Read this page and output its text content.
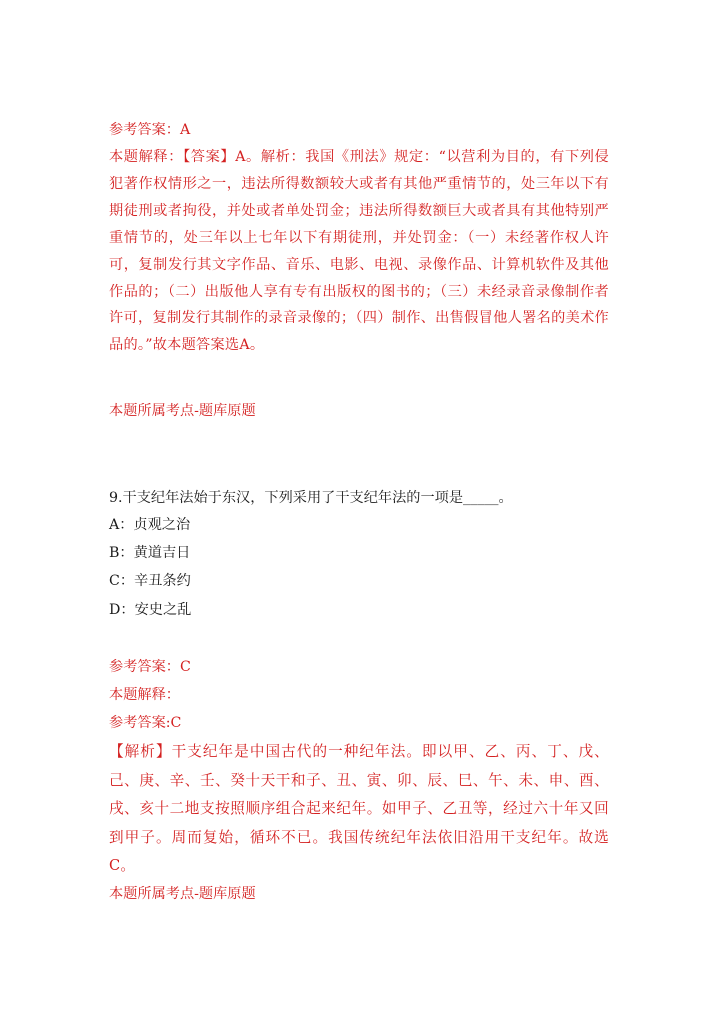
参考答案：A

本题解释：【答案】A。解析：我国《刑法》规定：“以营利为目的，有下列侵犯著作权情形之一，违法所得数额较大或者有其他严重情节的，处三年以下有期徒刑或者拘役，并处或者单处罚金；违法所得数额巨大或者具有其他特别严重情节的，处三年以上七年以下有期徒刑，并处罚金：（一）未经著作权人许可，复制发行其文字作品、音乐、电影、电视、录像作品、计算机软件及其他作品的；（二）出版他人享有专有出版权的图书的；（三）未经录音录像制作者许可，复制发行其制作的录音录像的；（四）制作、出售假冒他人署名的美术作品的。”故本题答案选A。

本题所属考点-题库原题

9.干支纪年法始于东汉，下列采用了干支纪年法的一项是_____。

A：贞观之治

B：黄道吉日

C：辛丑条约

D：安史之乱

参考答案：C

本题解释：

参考答案:C

【解析】干支纪年是中国古代的一种纪年法。即以甲、乙、丙、丁、戊、己、庚、辛、壬、癸十天干和子、丑、寅、卯、辰、巳、午、未、申、酉、戌、亥十二地支按照顺序组合起来纪年。如甲子、乙丑等，经过六十年又回到甲子。周而复始，循环不已。我国传统纪年法依旧沿用干支纪年。故选C。

本题所属考点-题库原题
